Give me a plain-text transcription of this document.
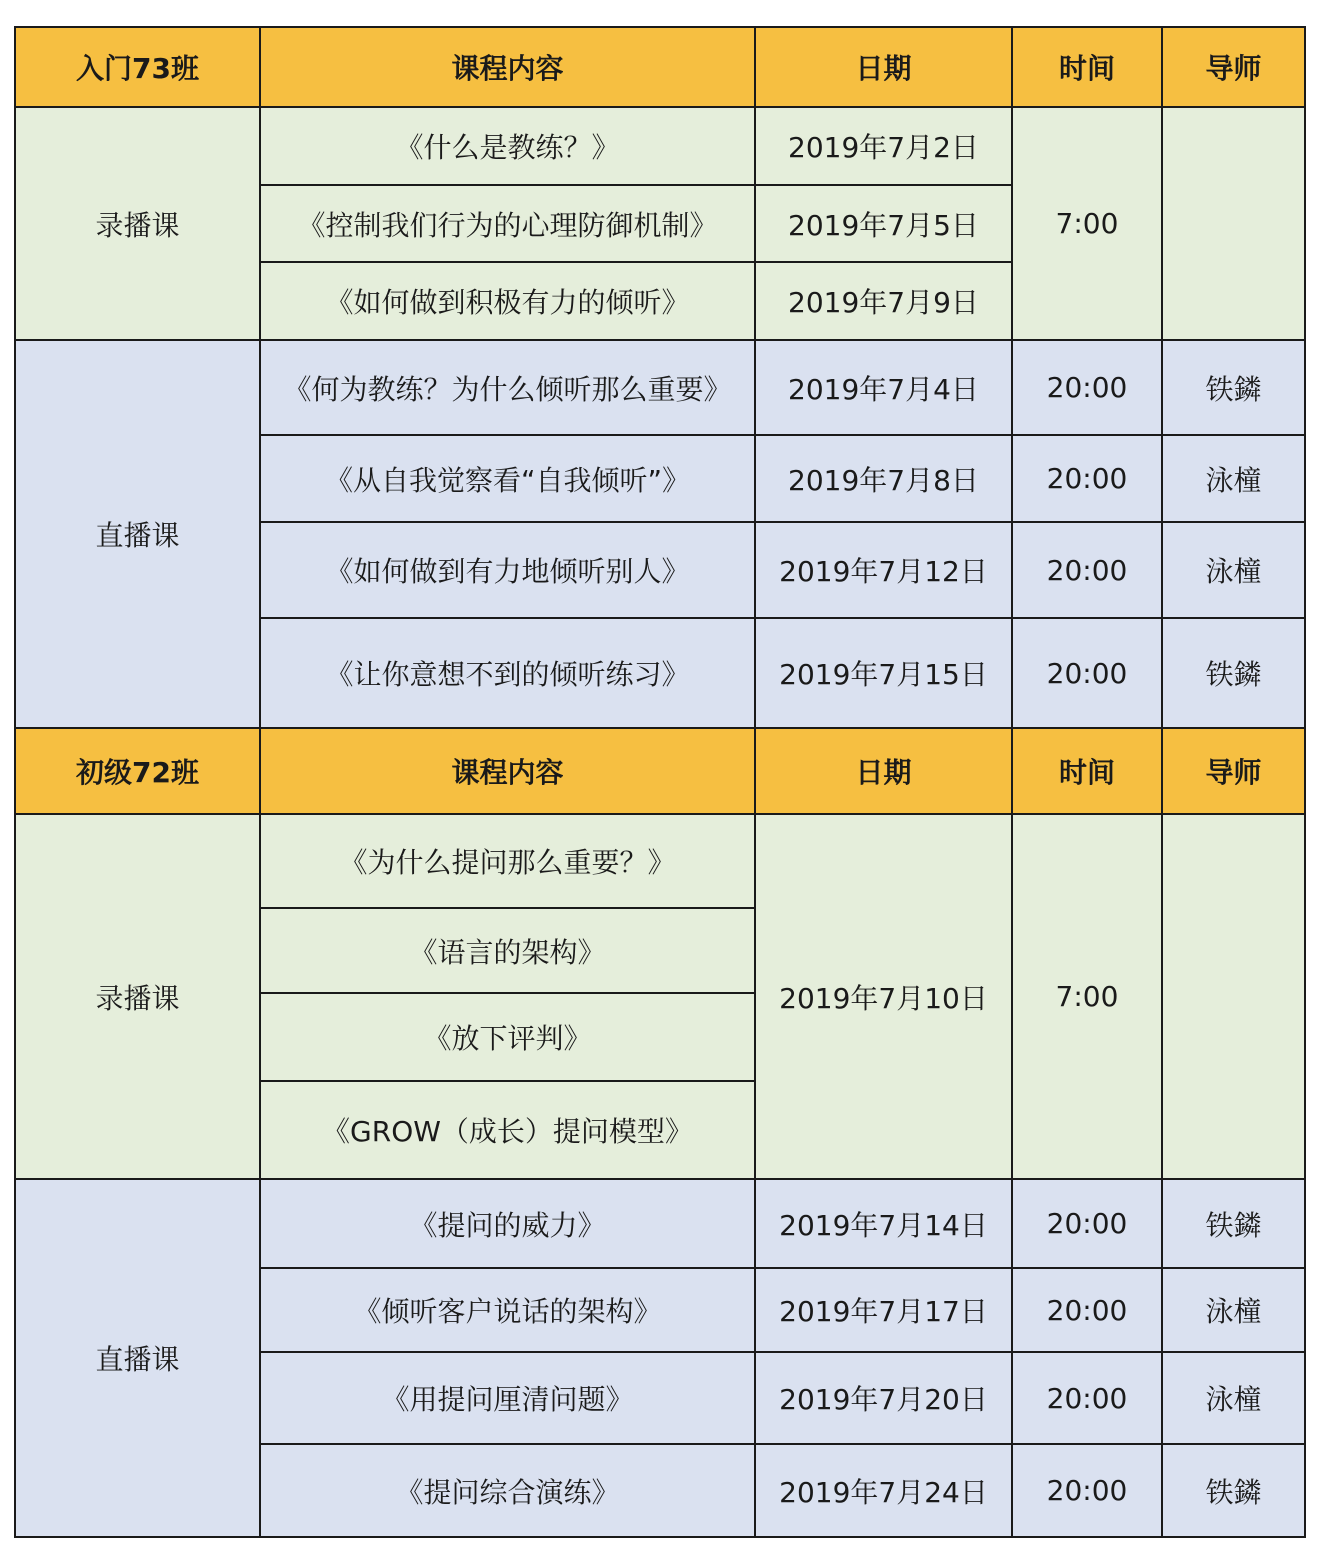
入门73班	课程内容	日期	时间	导师
录播课	《什么是教练？》	2019年7月2日	7:00	
	《控制我们行为的心理防御机制》	2019年7月5日		
	《如何做到积极有力的倾听》	2019年7月9日		
直播课	《何为教练？为什么倾听那么重要》	2019年7月4日	20:00	铁鏻
	《从自我觉察看“自我倾听”》	2019年7月8日	20:00	泳橦
	《如何做到有力地倾听别人》	2019年7月12日	20:00	泳橦
	《让你意想不到的倾听练习》	2019年7月15日	20:00	铁鏻
初级72班	课程内容	日期	时间	导师
录播课	《为什么提问那么重要？》	2019年7月10日	7:00	
	《语言的架构》			
	《放下评判》			
	《GROW（成长）提问模型》			
直播课	《提问的威力》	2019年7月14日	20:00	铁鏻
	《倾听客户说话的架构》	2019年7月17日	20:00	泳橦
	《用提问厘清问题》	2019年7月20日	20:00	泳橦
	《提问综合演练》	2019年7月24日	20:00	铁鏻
